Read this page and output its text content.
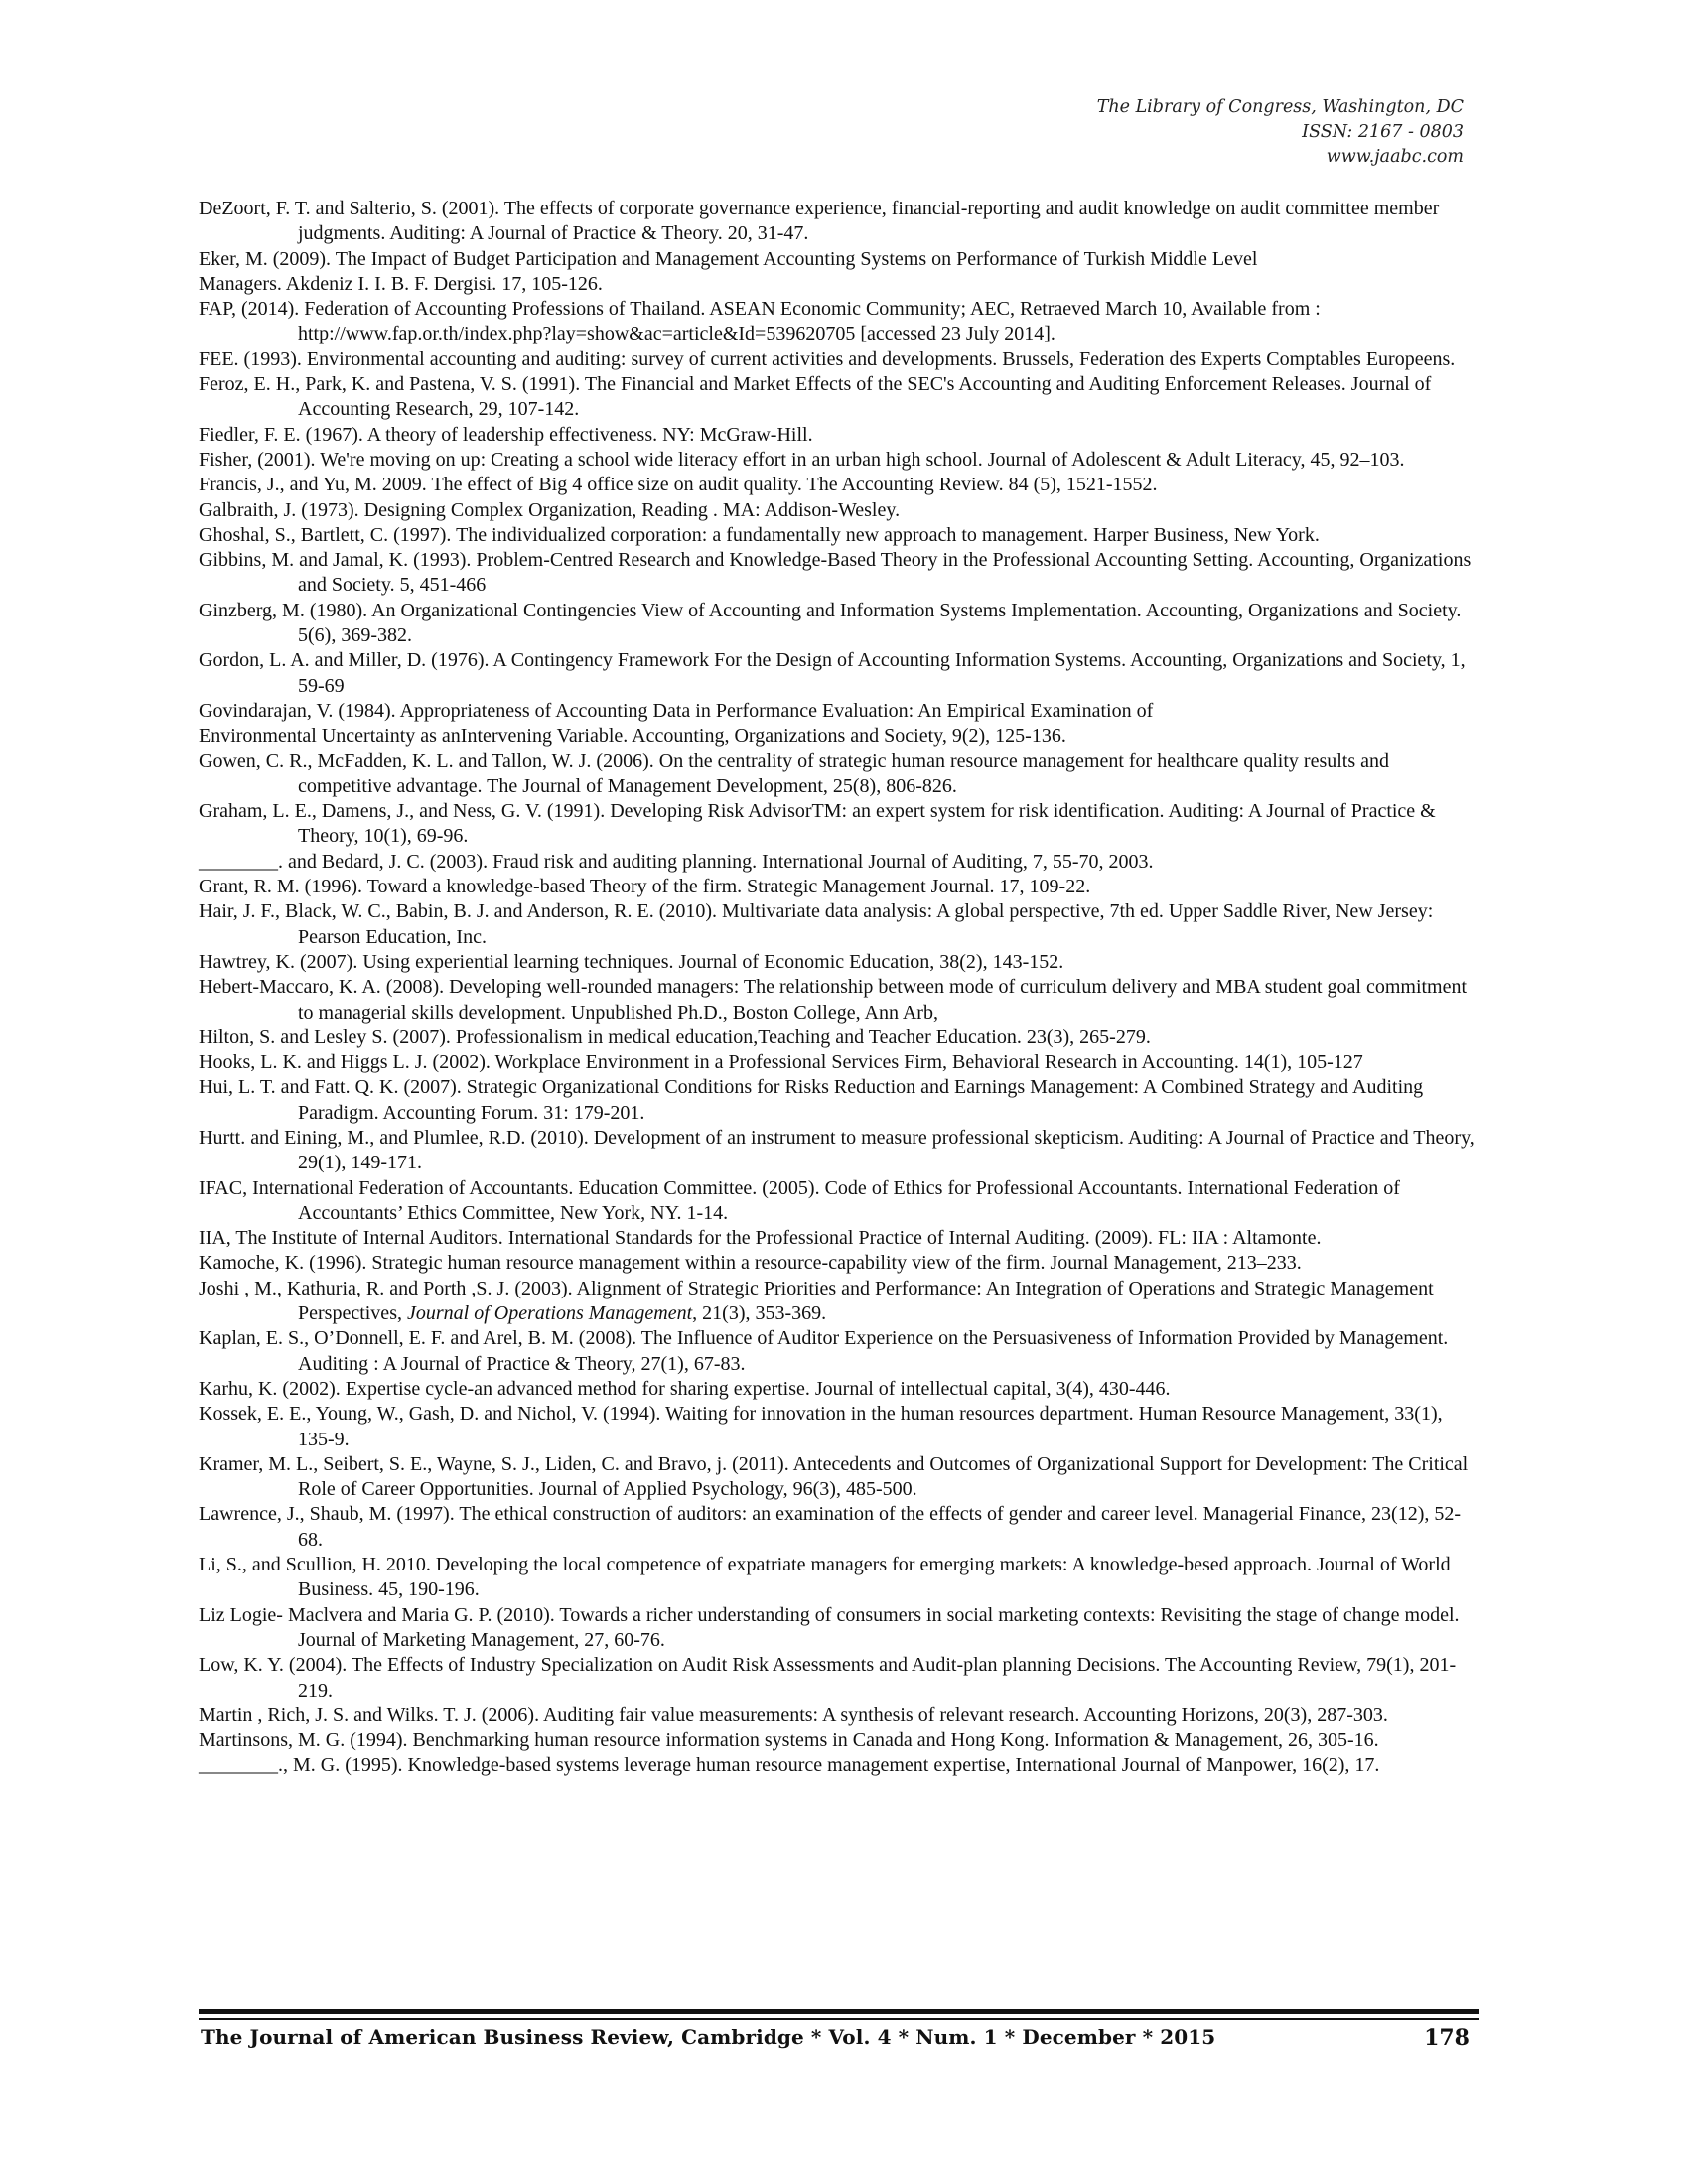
The Library of Congress, Washington, DC
ISSN: 2167 - 0803
www.jaabc.com

DeZoort, F. T. and Salterio, S. (2001). The effects of corporate governance experience, financial-reporting and audit knowledge on audit committee member judgments. Auditing: A Journal of Practice & Theory. 20, 31-47.

Eker, M. (2009). The Impact of Budget Participation and Management Accounting Systems on Performance of Turkish Middle Level

Managers. Akdeniz I. I. B. F. Dergisi. 17, 105-126.

FAP, (2014). Federation of Accounting Professions of Thailand. ASEAN Economic Community; AEC, Retraeved March 10, Available from : http://www.fap.or.th/index.php?lay=show&ac=article&Id=539620705 [accessed 23 July 2014].

FEE. (1993). Environmental accounting and auditing: survey of current activities and developments. Brussels, Federation des Experts Comptables Europeens.

Feroz, E. H., Park, K. and Pastena, V. S. (1991). The Financial and Market Effects of the SEC's Accounting and Auditing Enforcement Releases. Journal of Accounting Research, 29, 107-142.

Fiedler, F. E. (1967). A theory of leadership effectiveness. NY: McGraw-Hill.

Fisher, (2001). We're moving on up: Creating a school wide literacy effort in an urban high school. Journal of Adolescent & Adult Literacy, 45, 92–103.

Francis, J., and Yu, M. 2009. The effect of Big 4 office size on audit quality. The Accounting Review. 84 (5), 1521-1552.

Galbraith, J. (1973). Designing Complex Organization, Reading . MA: Addison-Wesley.

Ghoshal, S., Bartlett, C. (1997). The individualized corporation: a fundamentally new approach to management. Harper Business, New York.

Gibbins, M. and Jamal, K. (1993). Problem-Centred Research and Knowledge-Based Theory in the Professional Accounting Setting. Accounting, Organizations and Society. 5, 451-466

Ginzberg, M. (1980). An Organizational Contingencies View of Accounting and Information Systems Implementation. Accounting, Organizations and Society. 5(6), 369-382.

Gordon, L. A. and Miller, D. (1976). A Contingency Framework For the Design of Accounting Information Systems. Accounting, Organizations and Society, 1, 59-69

Govindarajan, V. (1984). Appropriateness of Accounting Data in Performance Evaluation: An Empirical Examination of

Environmental Uncertainty as anIntervening Variable. Accounting, Organizations and Society, 9(2), 125-136.

Gowen, C. R., McFadden, K. L. and Tallon, W. J. (2006). On the centrality of strategic human resource management for healthcare quality results and competitive advantage. The Journal of Management Development, 25(8), 806-826.

Graham, L. E., Damens, J., and Ness, G. V. (1991). Developing Risk AdvisorTM: an expert system for risk identification. Auditing: A Journal of Practice & Theory, 10(1), 69-96.

________. and Bedard, J. C. (2003). Fraud risk and auditing planning. International Journal of Auditing, 7, 55-70, 2003.

Grant, R. M. (1996). Toward a knowledge-based Theory of the firm. Strategic Management Journal. 17, 109-22.

Hair, J. F., Black, W. C., Babin, B. J. and Anderson, R. E. (2010). Multivariate data analysis: A global perspective, 7th ed. Upper Saddle River, New Jersey: Pearson Education, Inc.

Hawtrey, K. (2007). Using experiential learning techniques. Journal of Economic Education, 38(2), 143-152.

Hebert-Maccaro, K. A. (2008). Developing well-rounded managers: The relationship between mode of curriculum delivery and MBA student goal commitment to managerial skills development. Unpublished Ph.D., Boston College, Ann Arb,

Hilton, S. and Lesley S. (2007). Professionalism in medical education,Teaching and Teacher Education. 23(3), 265-279.

Hooks, L. K. and Higgs L. J. (2002). Workplace Environment in a Professional Services Firm, Behavioral Research in Accounting. 14(1), 105-127

Hui, L. T. and Fatt. Q. K. (2007). Strategic Organizational Conditions for Risks Reduction and Earnings Management: A Combined Strategy and Auditing Paradigm. Accounting Forum. 31: 179-201.

Hurtt. and Eining, M., and Plumlee, R.D. (2010). Development of an instrument to measure professional skepticism. Auditing: A Journal of Practice and Theory, 29(1), 149-171.

IFAC, International Federation of Accountants. Education Committee. (2005). Code of Ethics for Professional Accountants. International Federation of Accountants’ Ethics Committee, New York, NY. 1-14.

IIA, The Institute of Internal Auditors. International Standards for the Professional Practice of Internal Auditing. (2009). FL: IIA : Altamonte.

Kamoche, K. (1996). Strategic human resource management within a resource-capability view of the firm. Journal Management, 213–233.

Joshi , M., Kathuria, R. and Porth ,S. J. (2003). Alignment of Strategic Priorities and Performance: An Integration of Operations and Strategic Management Perspectives, Journal of Operations Management, 21(3), 353-369.

Kaplan, E. S., O’Donnell, E. F. and Arel, B. M. (2008). The Influence of Auditor Experience on the Persuasiveness of Information Provided by Management. Auditing : A Journal of Practice & Theory, 27(1), 67-83.

Karhu, K. (2002). Expertise cycle-an advanced method for sharing expertise. Journal of intellectual capital, 3(4), 430-446.

Kossek, E. E., Young, W., Gash, D. and Nichol, V. (1994). Waiting for innovation in the human resources department. Human Resource Management, 33(1), 135-9.

Kramer, M. L., Seibert, S. E., Wayne, S. J., Liden, C. and Bravo, j. (2011). Antecedents and Outcomes of Organizational Support for Development: The Critical Role of Career Opportunities. Journal of Applied Psychology, 96(3), 485-500.

Lawrence, J., Shaub, M. (1997). The ethical construction of auditors: an examination of the effects of gender and career level. Managerial Finance, 23(12), 52-68.

Li, S., and Scullion, H. 2010. Developing the local competence of expatriate managers for emerging markets: A knowledge-besed approach. Journal of World Business. 45, 190-196.

Liz Logie- Maclvera and Maria G. P. (2010). Towards a richer understanding of consumers in social marketing contexts: Revisiting the stage of change model. Journal of Marketing Management, 27, 60-76.

Low, K. Y. (2004). The Effects of Industry Specialization on Audit Risk Assessments and Audit-plan planning Decisions. The Accounting Review, 79(1), 201-219.

Martin , Rich, J. S. and Wilks. T. J. (2006). Auditing fair value measurements: A synthesis of relevant research. Accounting Horizons, 20(3), 287-303.

Martinsons, M. G. (1994). Benchmarking human resource information systems in Canada and Hong Kong. Information & Management, 26, 305-16.

________., M. G. (1995). Knowledge-based systems leverage human resource management expertise, International Journal of Manpower, 16(2), 17.

The Journal of American Business Review, Cambridge * Vol. 4 * Num. 1 * December * 2015	178
